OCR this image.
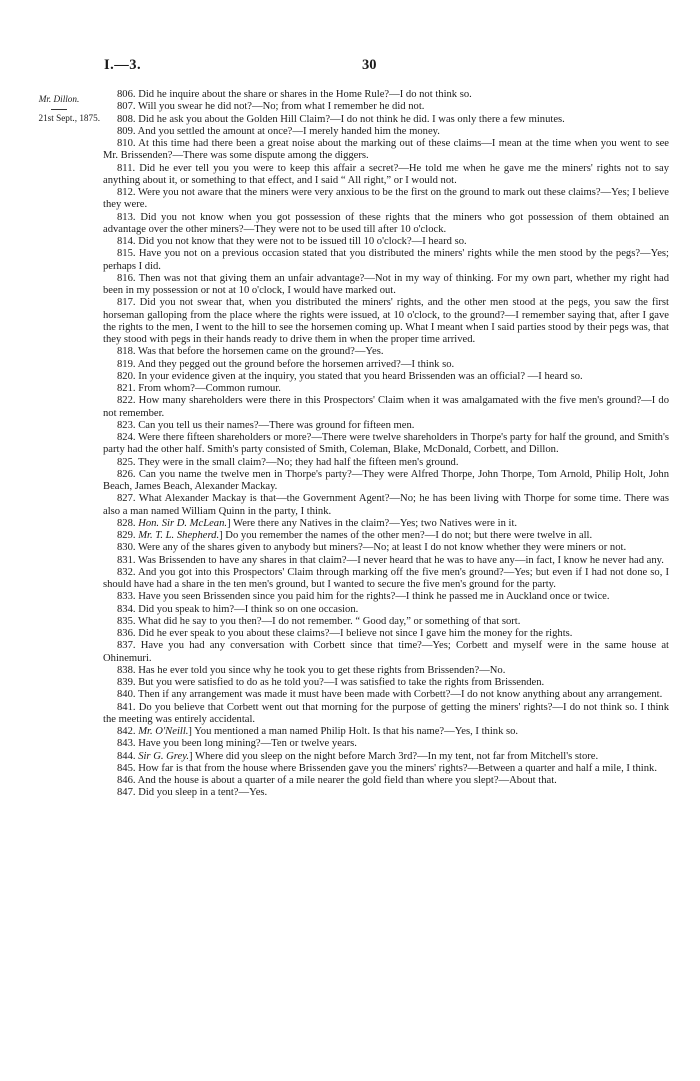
I.—3.	30
Mr. Dillon.
21st Sept., 1875.

806. Did he inquire about the share or shares in the Home Rule?—I do not think so.

807. Will you swear he did not?—No; from what I remember he did not.

808. Did he ask you about the Golden Hill Claim?—I do not think he did. I was only there a few minutes.

809. And you settled the amount at once?—I merely handed him the money.

810. At this time had there been a great noise about the marking out of these claims—I mean at the time when you went to see Mr. Brissenden?—There was some dispute among the diggers.

811. Did he ever tell you you were to keep this affair a secret?—He told me when he gave me the miners' rights not to say anything about it, or something to that effect, and I said “ All right,” or I would not.

812. Were you not aware that the miners were very anxious to be the first on the ground to mark out these claims?—Yes; I believe they were.

813. Did you not know when you got possession of these rights that the miners who got possession of them obtained an advantage over the other miners?—They were not to be used till after 10 o'clock.

814. Did you not know that they were not to be issued till 10 o'clock?—I heard so.

815. Have you not on a previous occasion stated that you distributed the miners' rights while the men stood by the pegs?—Yes; perhaps I did.

816. Then was not that giving them an unfair advantage?—Not in my way of thinking. For my own part, whether my right had been in my possession or not at 10 o'clock, I would have marked out.

817. Did you not swear that, when you distributed the miners' rights, and the other men stood at the pegs, you saw the first horseman galloping from the place where the rights were issued, at 10 o'clock, to the ground?—I remember saying that, after I gave the rights to the men, I went to the hill to see the horsemen coming up. What I meant when I said parties stood by their pegs was, that they stood with pegs in their hands ready to drive them in when the proper time arrived.

818. Was that before the horsemen came on the ground?—Yes.

819. And they pegged out the ground before the horsemen arrived?—I think so.

820. In your evidence given at the inquiry, you stated that you heard Brissenden was an official? —I heard so.

821. From whom?—Common rumour.

822. How many shareholders were there in this Prospectors' Claim when it was amalgamated with the five men's ground?—I do not remember.

823. Can you tell us their names?—There was ground for fifteen men.

824. Were there fifteen shareholders or more?—There were twelve shareholders in Thorpe's party for half the ground, and Smith's party had the other half. Smith's party consisted of Smith, Coleman, Blake, McDonald, Corbett, and Dillon.

825. They were in the small claim?—No; they had half the fifteen men's ground.

826. Can you name the twelve men in Thorpe's party?—They were Alfred Thorpe, John Thorpe, Tom Arnold, Philip Holt, John Beach, James Beach, Alexander Mackay.

827. What Alexander Mackay is that—the Government Agent?—No; he has been living with Thorpe for some time. There was also a man named William Quinn in the party, I think.

828. Hon. Sir D. McLean.] Were there any Natives in the claim?—Yes; two Natives were in it.

829. Mr. T. L. Shepherd.] Do you remember the names of the other men?—I do not; but there were twelve in all.

830. Were any of the shares given to anybody but miners?—No; at least I do not know whether they were miners or not.

831. Was Brissenden to have any shares in that claim?—I never heard that he was to have any—in fact, I know he never had any.

832. And you got into this Prospectors' Claim through marking off the five men's ground?—Yes; but even if I had not done so, I should have had a share in the ten men's ground, but I wanted to secure the five men's ground for the party.

833. Have you seen Brissenden since you paid him for the rights?—I think he passed me in Auckland once or twice.

834. Did you speak to him?—I think so on one occasion.

835. What did he say to you then?—I do not remember. “ Good day,” or something of that sort.

836. Did he ever speak to you about these claims?—I believe not since I gave him the money for the rights.

837. Have you had any conversation with Corbett since that time?—Yes; Corbett and myself were in the same house at Ohinemuri.

838. Has he ever told you since why he took you to get these rights from Brissenden?—No.

839. But you were satisfied to do as he told you?—I was satisfied to take the rights from Brissenden.

840. Then if any arrangement was made it must have been made with Corbett?—I do not know anything about any arrangement.

841. Do you believe that Corbett went out that morning for the purpose of getting the miners' rights?—I do not think so. I think the meeting was entirely accidental.

842. Mr. O'Neill.] You mentioned a man named Philip Holt. Is that his name?—Yes, I think so.

843. Have you been long mining?—Ten or twelve years.

844. Sir G. Grey.] Where did you sleep on the night before March 3rd?—In my tent, not far from Mitchell's store.

845. How far is that from the house where Brissenden gave you the miners' rights?—Between a quarter and half a mile, I think.

846. And the house is about a quarter of a mile nearer the gold field than where you slept?—About that.

847. Did you sleep in a tent?—Yes.
